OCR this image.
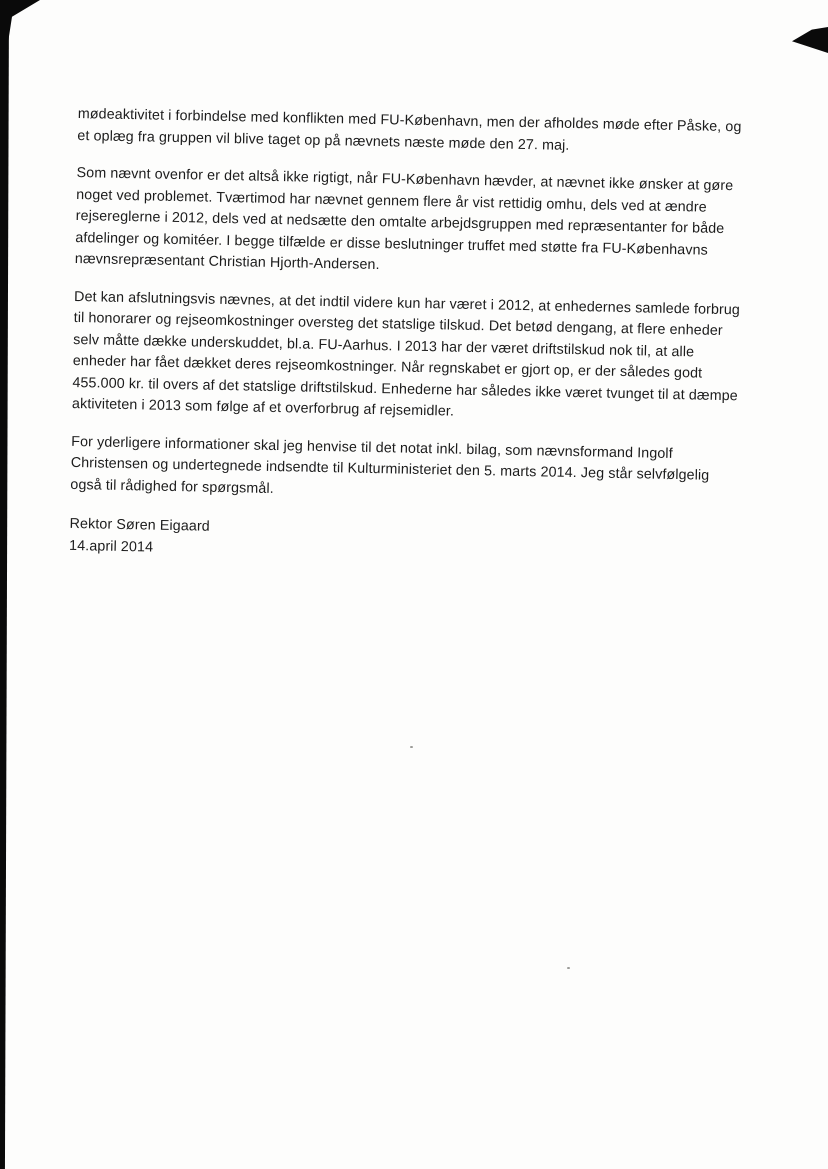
mødeaktivitet i forbindelse med konflikten med FU-København, men der afholdes møde efter Påske, og et oplæg fra gruppen vil blive taget op på nævnets næste møde den 27. maj.

Som nævnt ovenfor er det altså ikke rigtigt, når FU-København hævder, at nævnet ikke ønsker at gøre noget ved problemet. Tværtimod har nævnet gennem flere år vist rettidig omhu, dels ved at ændre rejsereglerne i 2012, dels ved at nedsætte den omtalte arbejdsgruppen med repræsentanter for både afdelinger og komitéer. I begge tilfælde er disse beslutninger truffet med støtte fra FU-Københavns nævnsrepræsentant Christian Hjorth-Andersen.

Det kan afslutningsvis nævnes, at det indtil videre kun har været i 2012, at enhedernes samlede forbrug til honorarer og rejseomkostninger oversteg det statslige tilskud. Det betød dengang, at flere enheder selv måtte dække underskuddet, bl.a. FU-Aarhus. I 2013 har der været driftstilskud nok til, at alle enheder har fået dækket deres rejseomkostninger. Når regnskabet er gjort op, er der således godt 455.000 kr. til overs af det statslige driftstilskud. Enhederne har således ikke været tvunget til at dæmpe aktiviteten i 2013 som følge af et overforbrug af rejsemidler.

For yderligere informationer skal jeg henvise til det notat inkl. bilag, som nævnsformand Ingolf Christensen og undertegnede indsendte til Kulturministeriet den 5. marts 2014. Jeg står selvfølgelig også til rådighed for spørgsmål.

Rektor Søren Eigaard

14.april 2014
